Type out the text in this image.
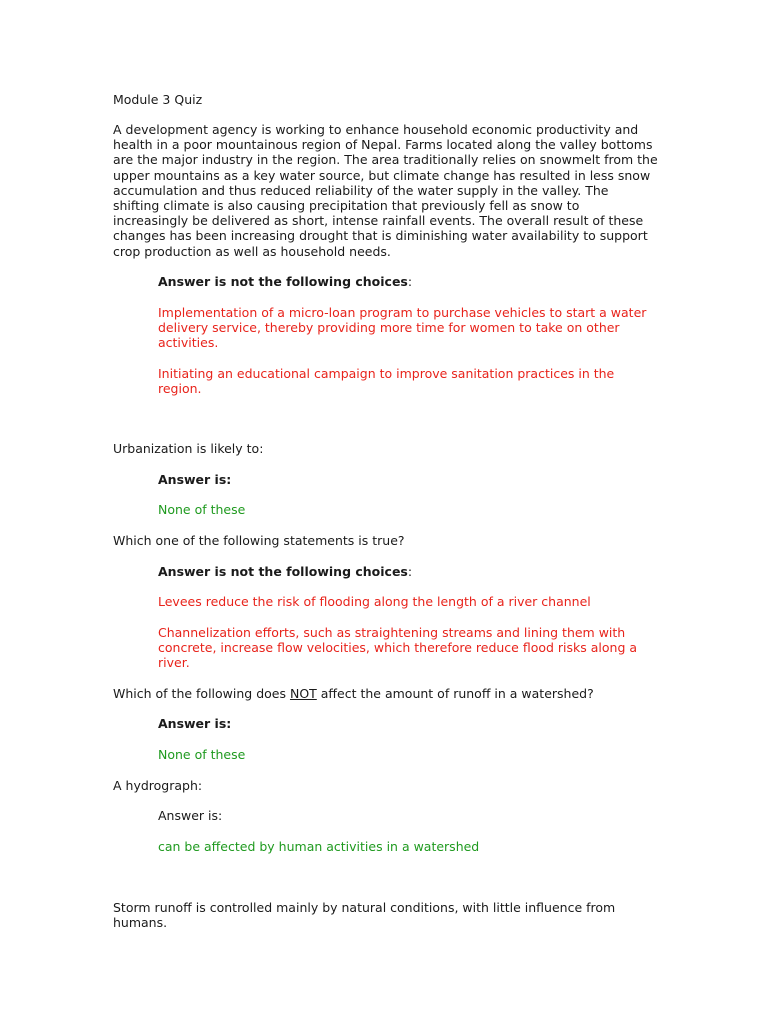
Module 3 Quiz

A development agency is working to enhance household economic productivity and health in a poor mountainous region of Nepal. Farms located along the valley bottoms are the major industry in the region. The area traditionally relies on snowmelt from the upper mountains as a key water source, but climate change has resulted in less snow accumulation and thus reduced reliability of the water supply in the valley. The shifting climate is also causing precipitation that previously fell as snow to increasingly be delivered as short, intense rainfall events. The overall result of these changes has been increasing drought that is diminishing water availability to support crop production as well as household needs.

Answer is not the following choices:

Implementation of a micro-loan program to purchase vehicles to start a water delivery service, thereby providing more time for women to take on other activities.

Initiating an educational campaign to improve sanitation practices in the region.

Urbanization is likely to:

Answer is:

None of these

Which one of the following statements is true?

Answer is not the following choices:

Levees reduce the risk of flooding along the length of a river channel

Channelization efforts, such as straightening streams and lining them with concrete, increase flow velocities, which therefore reduce flood risks along a river.

Which of the following does NOT affect the amount of runoff in a watershed?

Answer is:

None of these

A hydrograph:

Answer is:

can be affected by human activities in a watershed

Storm runoff is controlled mainly by natural conditions, with little influence from humans.
